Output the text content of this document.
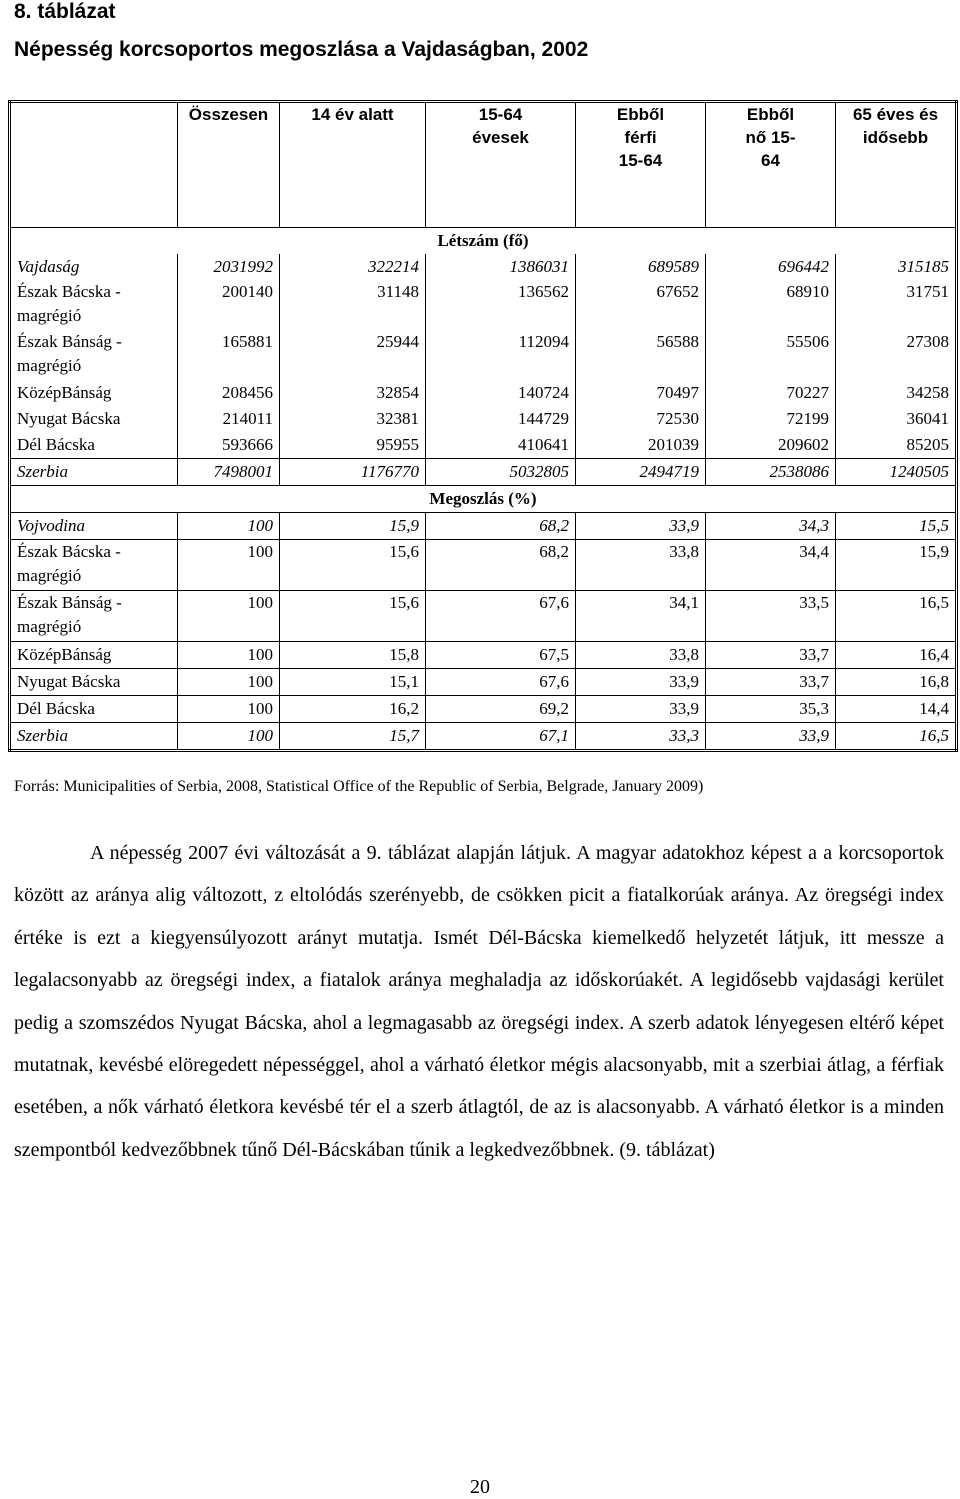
8. táblázat
Népesség korcsoportos megoszlása a Vajdaságban, 2002
	Összesen	14 év alatt	15-64 évesek	Ebből férfi 15-64	Ebből nő 15-64	65 éves és idősebb

Létszám (fő)						
Vajdaság	2031992	322214	1386031	689589	696442	315185
Észak Bácska - magrégió	200140	31148	136562	67652	68910	31751
Észak Bánság - magrégió	165881	25944	112094	56588	55506	27308
KözépBánság	208456	32854	140724	70497	70227	34258
Nyugat Bácska	214011	32381	144729	72530	72199	36041
Dél Bácska	593666	95955	410641	201039	209602	85205
Szerbia	7498001	1176770	5032805	2494719	2538086	1240505
Megoszlás (%)						
Vojvodina	100	15,9	68,2	33,9	34,3	15,5
Észak Bácska - magrégió	100	15,6	68,2	33,8	34,4	15,9
Észak Bánság - magrégió	100	15,6	67,6	34,1	33,5	16,5
KözépBánság	100	15,8	67,5	33,8	33,7	16,4
Nyugat Bácska	100	15,1	67,6	33,9	33,7	16,8
Dél Bácska	100	16,2	69,2	33,9	35,3	14,4
Szerbia	100	15,7	67,1	33,3	33,9	16,5
Forrás: Municipalities of Serbia, 2008, Statistical Office of the Republic of Serbia, Belgrade, January 2009)
A népesség 2007 évi változását a 9. táblázat alapján látjuk. A magyar adatokhoz képest a a korcsoportok között az aránya alig változott, z eltolódás szerényebb, de csökken picit a fiatalkorúak aránya. Az öregségi index értéke is ezt a kiegyensúlyozott arányt mutatja. Ismét Dél-Bácska kiemelkedő helyzetét látjuk, itt messze a legalacsonyabb az öregségi index, a fiatalok aránya meghaladja az időskorúakét. A legidősebb vajdasági kerület pedig a szomszédos Nyugat Bácska, ahol a legmagasabb az öregségi index. A szerb adatok lényegesen eltérő képet mutatnak, kevésbé elöregedett népességgel, ahol a várható életkor mégis alacsonyabb, mit a szerbiai átlag, a férfiak esetében, a nők várható életkora kevésbé tér el a szerb átlagtól, de az is alacsonyabb. A várható életkor is a minden szempontból kedvezőbbnek tűnő Dél-Bácskában tűnik a legkedvezőbbnek. (9. táblázat)
20
